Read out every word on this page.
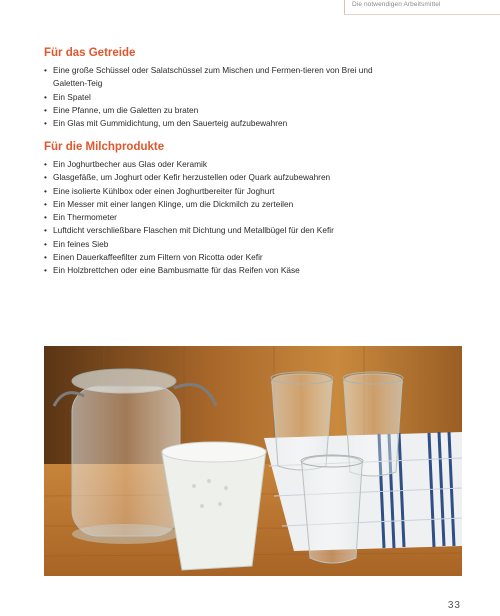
Die notwendigen Arbeitsmittel
Für das Getreide
• Eine große Schüssel oder Salatschüssel zum Mischen und Fermen-tieren von Brei und Galetten-Teig
• Ein Spatel
• Eine Pfanne, um die Galetten zu braten
• Ein Glas mit Gummidichtung, um den Sauerteig aufzubewahren
Für die Milchprodukte
• Ein Joghurtbecher aus Glas oder Keramik
• Glasgefäße, um Joghurt oder Kefir herzustellen oder Quark aufzubewahren
• Eine isolierte Kühlbox oder einen Joghurtbereiter für Joghurt
• Ein Messer mit einer langen Klinge, um die Dickmilch zu zerteilen
• Ein Thermometer
• Luftdicht verschließbare Flaschen mit Dichtung und Metallbügel für den Kefir
• Ein feines Sieb
• Einen Dauerkaffeefilter zum Filtern von Ricotta oder Kefir
• Ein Holzbrettchen oder eine Bambusmatte für das Reifen von Käse
33
